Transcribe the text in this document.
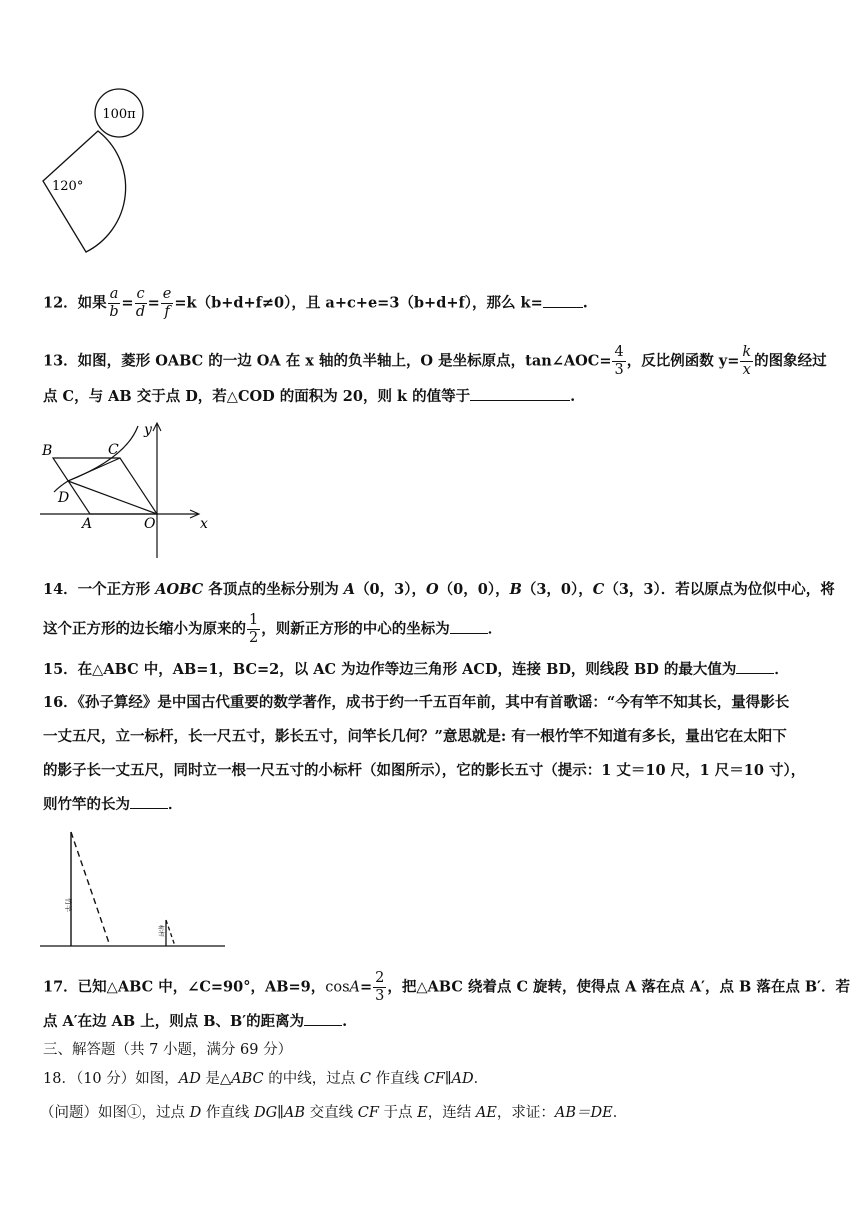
100π
120°
12．如果 $\frac{a}{b} = \frac{c}{d} = \frac{e}{f} =k(b+d+f\ne 0)$，且 a+c+e=3（b+d+f），那么 k=	.
13．如图，菱形 OABC 的一边 OA 在 x 轴的负半轴上，O 是坐标原点，tan∠AOC= $\frac{4}{3}$ ，反比例函数 $y= \frac{k}{x}$ 的图象经过
点 C，与 AB 交于点 D，若△COD 的面积为 20，则 k 的值等于	.
B	C
D
A	O	x
y
14．一个正方形 AOBC 各顶点的坐标分别为 A（0，3），O（0，0），B（3，0），C（3，3）．若以原点为位似中心，将
这个正方形的边长缩小为原来的 $\frac{1}{2}$ ，则新正方形的中心的坐标为	．
15．在△ABC 中，AB=1，BC=2，以 AC 为边作等边三角形 ACD，连接 BD，则线段 BD 的最大值为	．
16．《孙子算经》是中国古代重要的数学著作，成书于约一千五百年前，其中有首歌谣：“今有竿不知其长，量得影长
一丈五尺，立一标杆，长一尺五寸，影长五寸，问竿长几何？”意思就是: 有一根竹竿不知道有多长，量出它在太阳下
的影子长一丈五尺，同时立一根一尺五寸的小标杆（如图所示），它的影长五寸（提示：1 丈＝10 尺，1 尺＝10 寸），
则竹竿的长为	．
竹竿
标杆
17．已知△ABC 中，∠C=90°，AB=9，$\cos A= \frac{2}{3}$ ，把△ABC 绕着点 C 旋转，使得点 A 落在点 A′，点 B 落在点 B′．若
点 A′在边 AB 上，则点 B、B′的距离为	.
三、解答题（共 7 小题，满分 69 分）
18．（10 分）如图，AD 是△ABC 的中线，过点 C 作直线 CF∥AD．
（问题）如图①，过点 D 作直线 DG∥AB 交直线 CF 于点 E，连结 AE，求证：AB＝DE．
